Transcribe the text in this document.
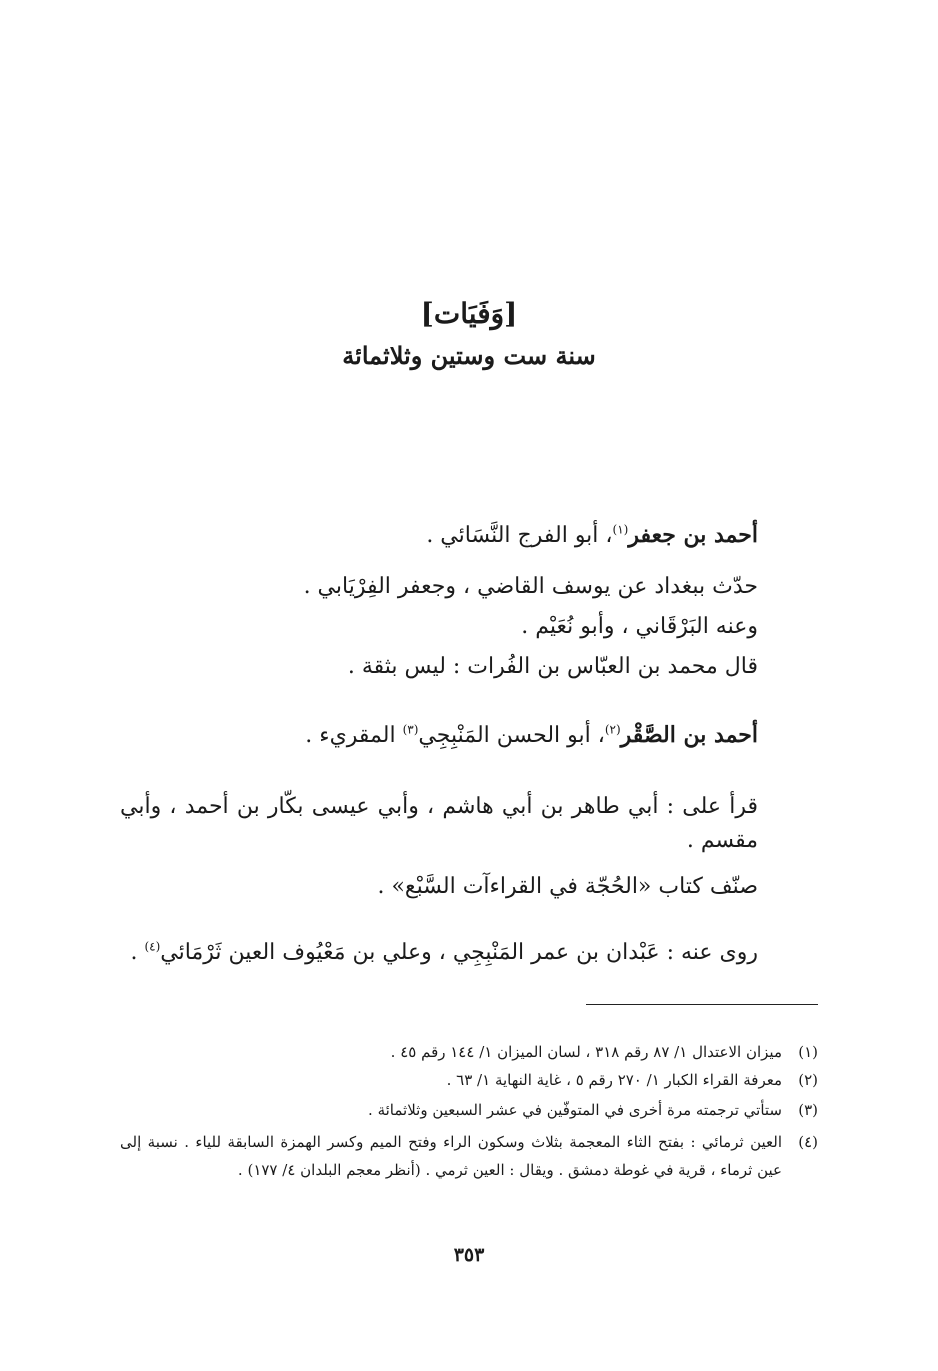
[وَفَيَات]
سنة ست وستين وثلاثمائة
أحمد بن جعفر$^{(١)}$، أبو الفرج النَّسَائي .
حدّث ببغداد عن يوسف القاضي ، وجعفر الفِرْيَابي .
وعنه البَرْقَاني ، وأبو نُعَيْم .
قال محمد بن العبّاس بن الفُرات : ليس بثقة .
أحمد بن الصَّقْر$^{(٢)}$، أبو الحسن المَنْبِجِي$^{(٣)}$ المقريء .
قرأ على : أبي طاهر بن أبي هاشم ، وأبي عيسى بكّار بن أحمد ، وأبي مقسم .
صنّف كتاب «الحُجّة في القراءآت السَّبْع» .
روى عنه : عَبْدان بن عمر المَنْبِجِي ، وعلي بن مَعْيُوف العين ثَرْمَائي$^{(٤)}$ .
(١)
ميزان الاعتدال ١/ ٨٧ رقم ٣١٨ ، لسان الميزان ١/ ١٤٤ رقم ٤٥ .
(٢)
معرفة القراء الكبار ١/ ٢٧٠ رقم ٥ ، غاية النهاية ١/ ٦٣ .
(٣)
ستأتي ترجمته مرة أخرى في المتوفّين في عشر السبعين وثلاثمائة .
(٤)
العين ثرمائي : بفتح الثاء المعجمة بثلاث وسكون الراء وفتح الميم وكسر الهمزة السابقة للياء . نسبة إلى عين ثرماء ، قرية في غوطة دمشق . ويقال : العين ثرمي . (أنظر معجم البلدان ٤/ ١٧٧) .
٣٥٣
